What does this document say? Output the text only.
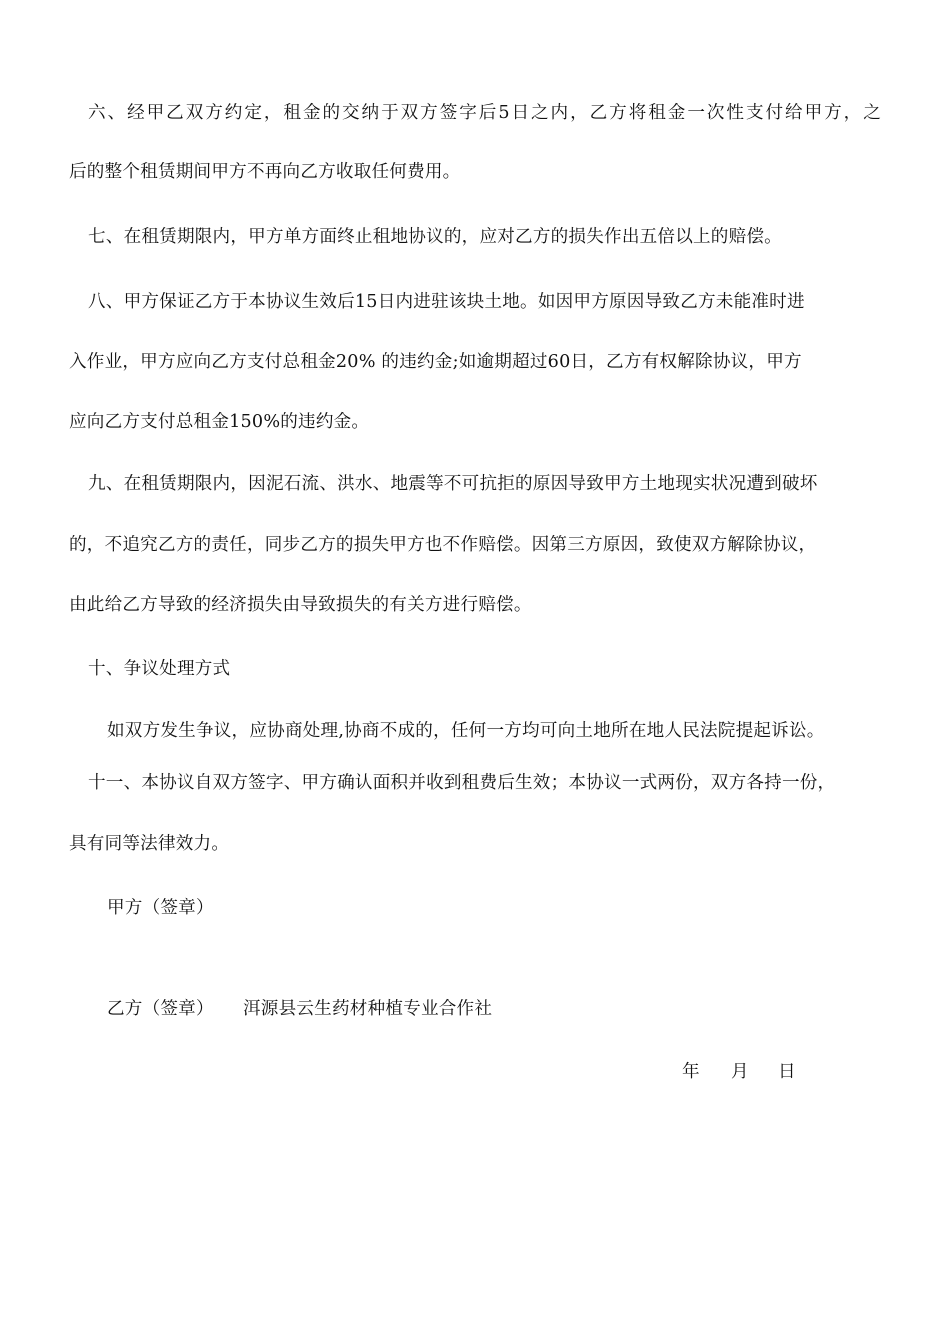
六、经甲乙双方约定，租金的交纳于双方签字后5日之内，乙方将租金一次性支付给甲方，之
后的整个租赁期间甲方不再向乙方收取任何费用。
七、在租赁期限内，甲方单方面终止租地协议的，应对乙方的损失作出五倍以上的赔偿。
八、甲方保证乙方于本协议生效后15日内进驻该块土地。如因甲方原因导致乙方未能准时进
入作业，甲方应向乙方支付总租金20% 的违约金;如逾期超过60日，乙方有权解除协议，甲方
应向乙方支付总租金150%的违约金。
九、在租赁期限内，因泥石流、洪水、地震等不可抗拒的原因导致甲方土地现实状况遭到破坏
的，不追究乙方的责任，同步乙方的损失甲方也不作赔偿。因第三方原因，致使双方解除协议，
由此给乙方导致的经济损失由导致损失的有关方进行赔偿。
十、争议处理方式
如双方发生争议，应协商处理,协商不成的，任何一方均可向土地所在地人民法院提起诉讼。
十一、本协议自双方签字、甲方确认面积并收到租费后生效；本协议一式两份，双方各持一份，
具有同等法律效力。
甲方（签章）
乙方（签章） 洱源县云生药材种植专业合作社
年 月 日
